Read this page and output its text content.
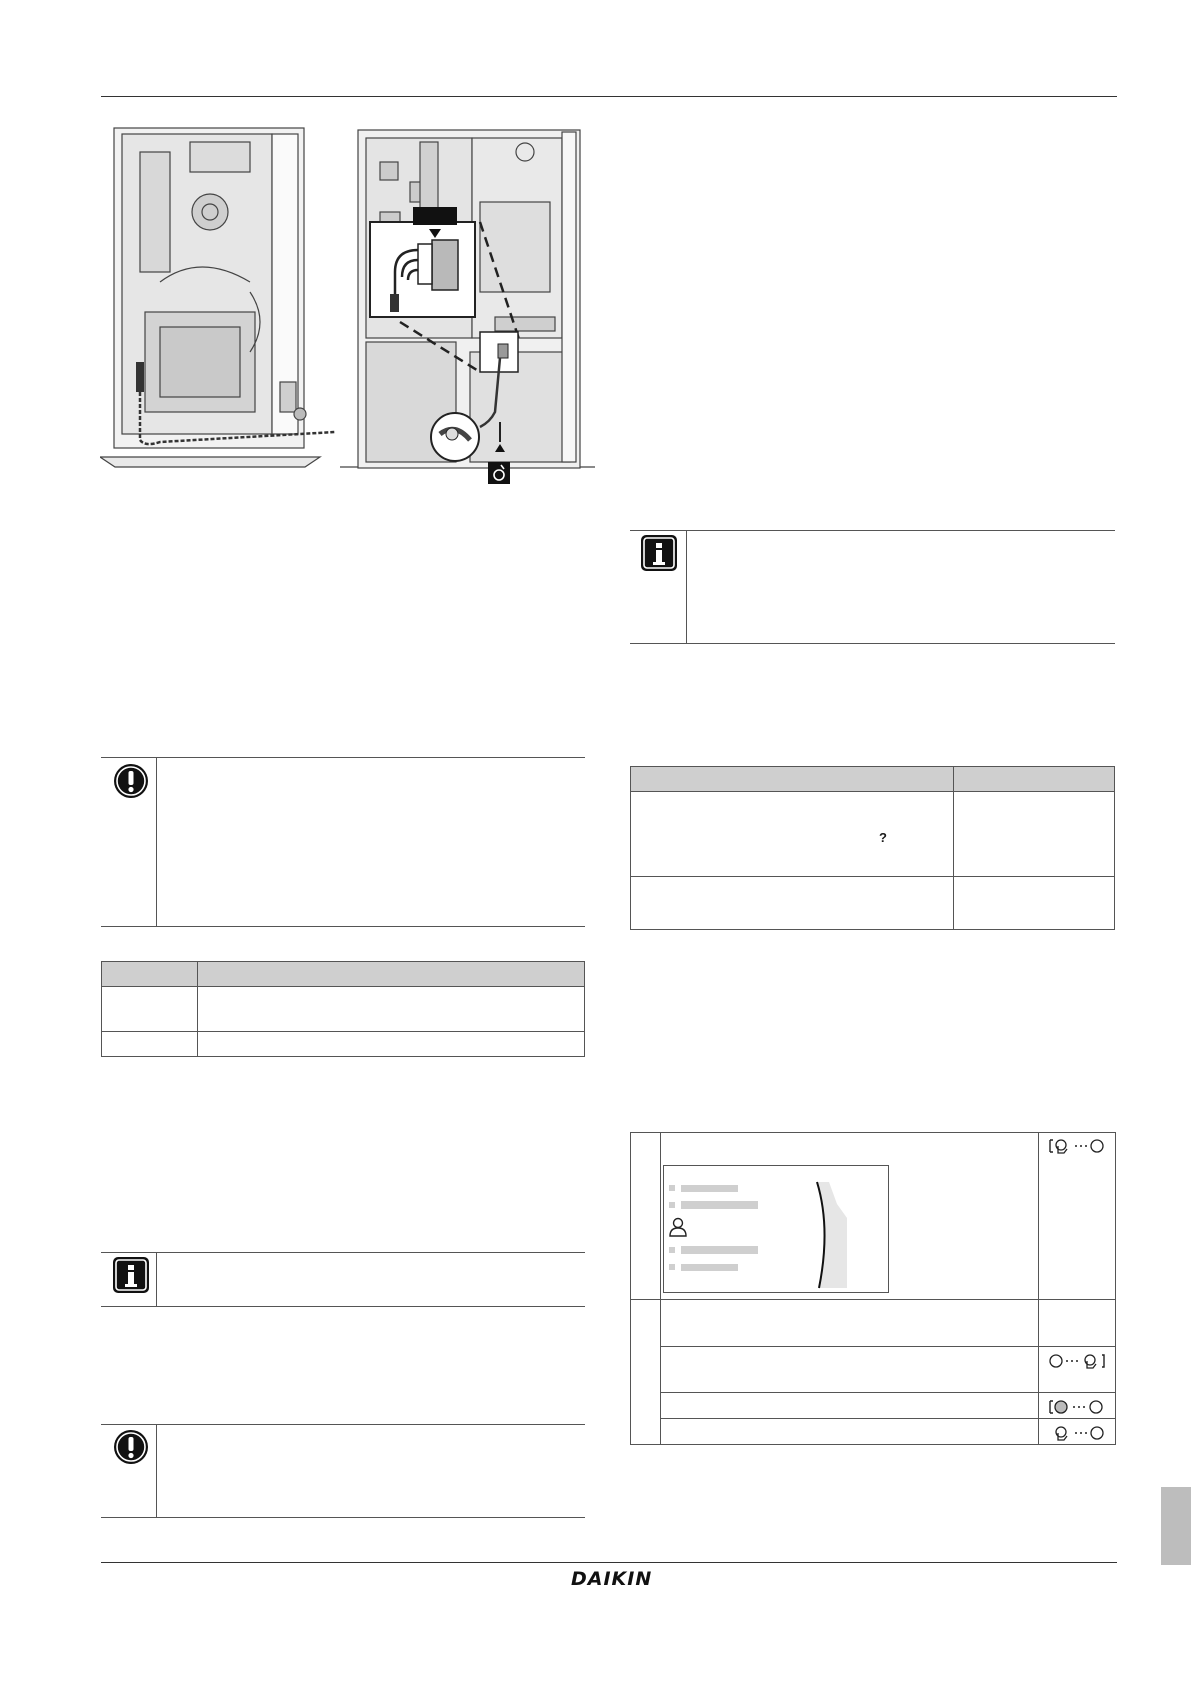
?	

DAIKIN
